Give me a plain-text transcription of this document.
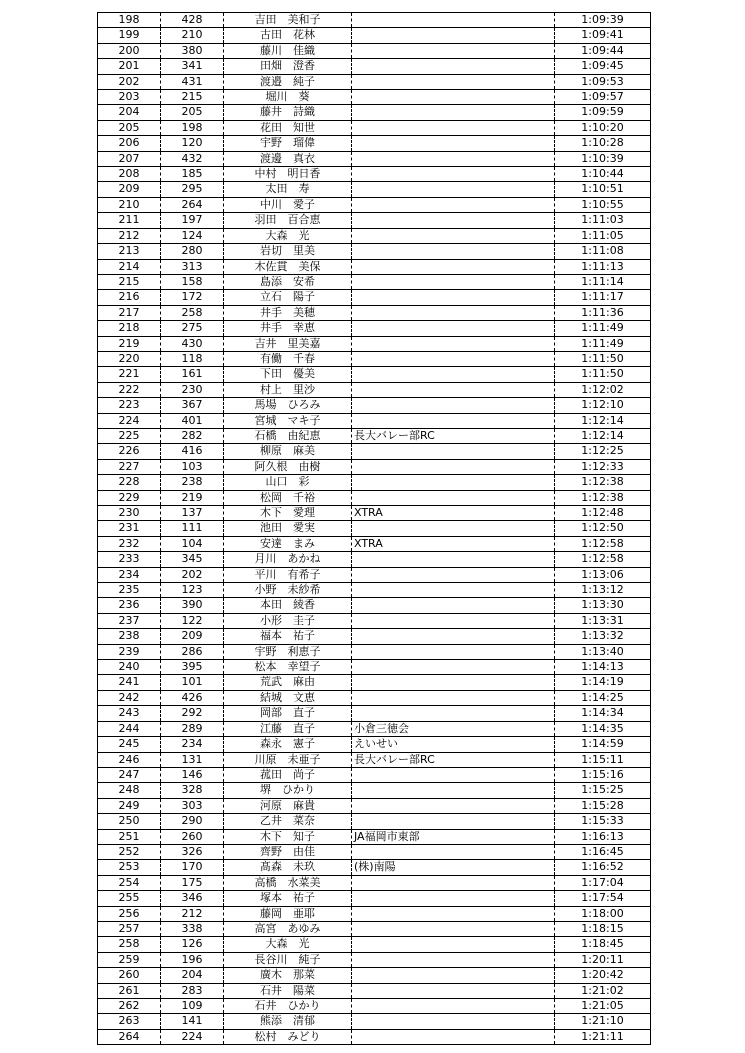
198	428	吉田　美和子		1:09:39
199	210	古田　花林		1:09:41
200	380	藤川　佳織		1:09:44
201	341	田畑　澄香		1:09:45
202	431	渡邉　純子		1:09:53
203	215	堀川　葵		1:09:57
204	205	藤井　詩織		1:09:59
205	198	花田　知世		1:10:20
206	120	宇野　瑠偉		1:10:28
207	432	渡邊　真衣		1:10:39
208	185	中村　明日香		1:10:44
209	295	太田　寿		1:10:51
210	264	中川　愛子		1:10:55
211	197	羽田　百合恵		1:11:03
212	124	大森　光		1:11:05
213	280	岩切　里美		1:11:08
214	313	木佐貫　美保		1:11:13
215	158	島添　安希		1:11:14
216	172	立石　陽子		1:11:17
217	258	井手　美穂		1:11:36
218	275	井手　幸恵		1:11:49
219	430	吉井　里美嘉		1:11:49
220	118	有働　千春		1:11:50
221	161	下田　優美		1:11:50
222	230	村上　里沙		1:12:02
223	367	馬場　ひろみ		1:12:10
224	401	宮城　マキ子		1:12:14
225	282	石橋　由紀恵	長大バレー部RC	1:12:14
226	416	柳原　麻美		1:12:25
227	103	阿久根　由樹		1:12:33
228	238	山口　彩		1:12:38
229	219	松岡　千裕		1:12:38
230	137	木下　愛理	XTRA	1:12:48
231	111	池田　愛実		1:12:50
232	104	安達　まみ	XTRA	1:12:58
233	345	月川　あかね		1:12:58
234	202	平川　有希子		1:13:06
235	123	小野　未紗希		1:13:12
236	390	本田　綾香		1:13:30
237	122	小形　圭子		1:13:31
238	209	福本　祐子		1:13:32
239	286	宇野　利恵子		1:13:40
240	395	松本　幸望子		1:14:13
241	101	荒武　麻由		1:14:19
242	426	結城　文恵		1:14:25
243	292	岡部　直子		1:14:34
244	289	江藤　直子	小倉三徳会	1:14:35
245	234	森永　憲子	えいせい	1:14:59
246	131	川原　未亜子	長大バレー部RC	1:15:11
247	146	菰田　尚子		1:15:16
248	328	堺　ひかり		1:15:25
249	303	河原　麻貴		1:15:28
250	290	乙井　菜奈		1:15:33
251	260	木下　知子	JA福岡市東部	1:16:13
252	326	齊野　由佳		1:16:45
253	170	髙森　未玖	(株)南陽	1:16:52
254	175	高橋　水菜美		1:17:04
255	346	塚本　祐子		1:17:54
256	212	藤岡　亜耶		1:18:00
257	338	高宮　あゆみ		1:18:15
258	126	大森　光		1:18:45
259	196	長谷川　純子		1:20:11
260	204	廣木　那菜		1:20:42
261	283	石井　陽菜		1:21:02
262	109	石井　ひかり		1:21:05
263	141	熊添　清郁		1:21:10
264	224	松村　みどり		1:21:11
